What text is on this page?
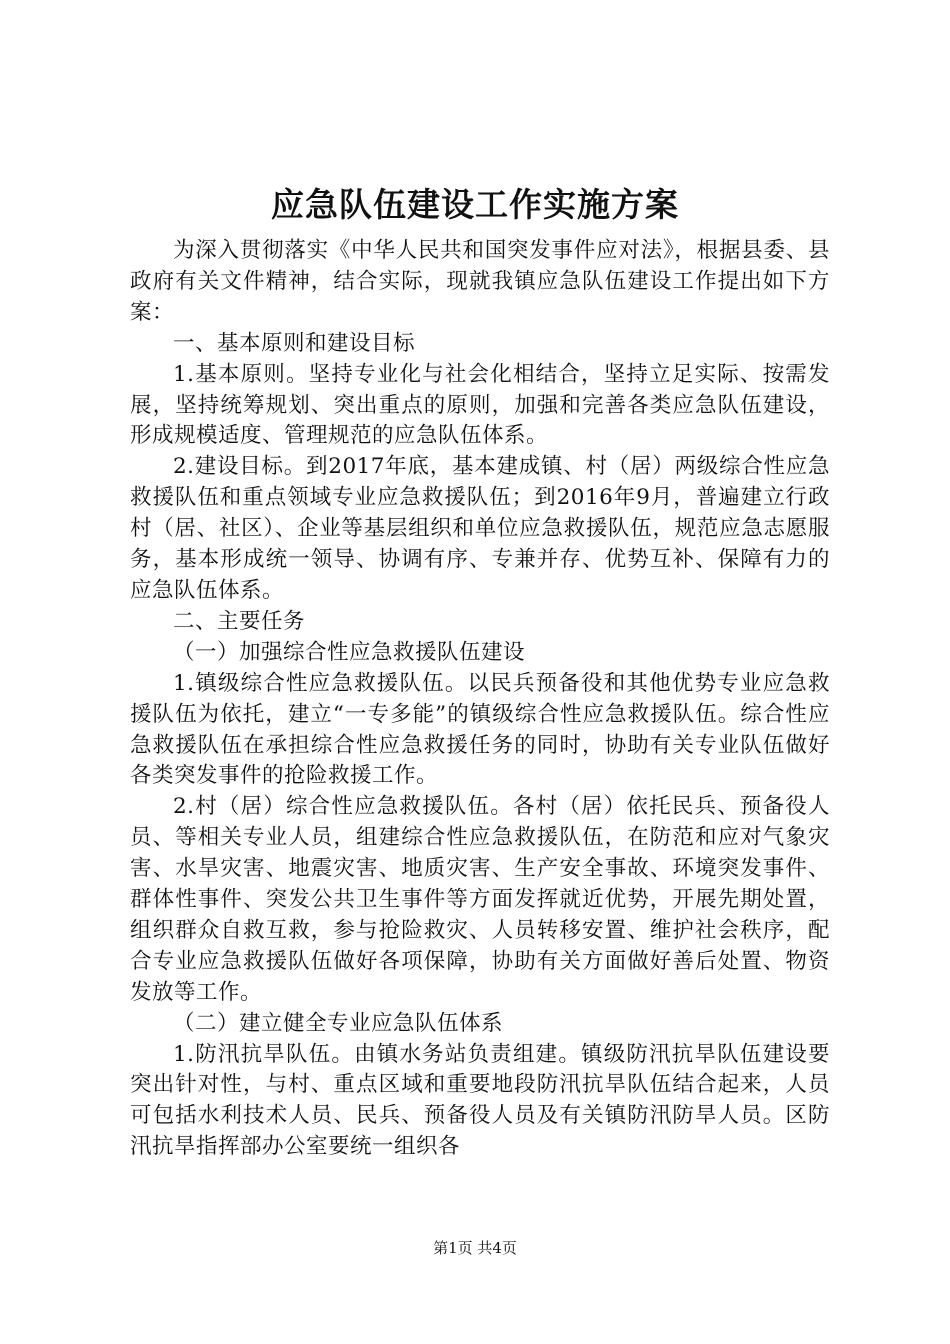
应急队伍建设工作实施方案

为深入贯彻落实《中华人民共和国突发事件应对法》，根据县委、县政府有关文件精神，结合实际，现就我镇应急队伍建设工作提出如下方案：

一、基本原则和建设目标

1.基本原则。坚持专业化与社会化相结合，坚持立足实际、按需发展，坚持统筹规划、突出重点的原则，加强和完善各类应急队伍建设，形成规模适度、管理规范的应急队伍体系。

2.建设目标。到2017年底，基本建成镇、村（居）两级综合性应急救援队伍和重点领域专业应急救援队伍；到2016年9月，普遍建立行政村（居、社区）、企业等基层组织和单位应急救援队伍，规范应急志愿服务，基本形成统一领导、协调有序、专兼并存、优势互补、保障有力的应急队伍体系。

二、主要任务

（一）加强综合性应急救援队伍建设

1.镇级综合性应急救援队伍。以民兵预备役和其他优势专业应急救援队伍为依托，建立“一专多能”的镇级综合性应急救援队伍。综合性应急救援队伍在承担综合性应急救援任务的同时，协助有关专业队伍做好各类突发事件的抢险救援工作。

2.村（居）综合性应急救援队伍。各村（居）依托民兵、预备役人员、等相关专业人员，组建综合性应急救援队伍，在防范和应对气象灾害、水旱灾害、地震灾害、地质灾害、生产安全事故、环境突发事件、群体性事件、突发公共卫生事件等方面发挥就近优势，开展先期处置，组织群众自救互救，参与抢险救灾、人员转移安置、维护社会秩序，配合专业应急救援队伍做好各项保障，协助有关方面做好善后处置、物资发放等工作。

（二）建立健全专业应急队伍体系

1.防汛抗旱队伍。由镇水务站负责组建。镇级防汛抗旱队伍建设要突出针对性，与村、重点区域和重要地段防汛抗旱队伍结合起来，人员可包括水利技术人员、民兵、预备役人员及有关镇防汛防旱人员。区防汛抗旱指挥部办公室要统一组织各

第1页 共4页
